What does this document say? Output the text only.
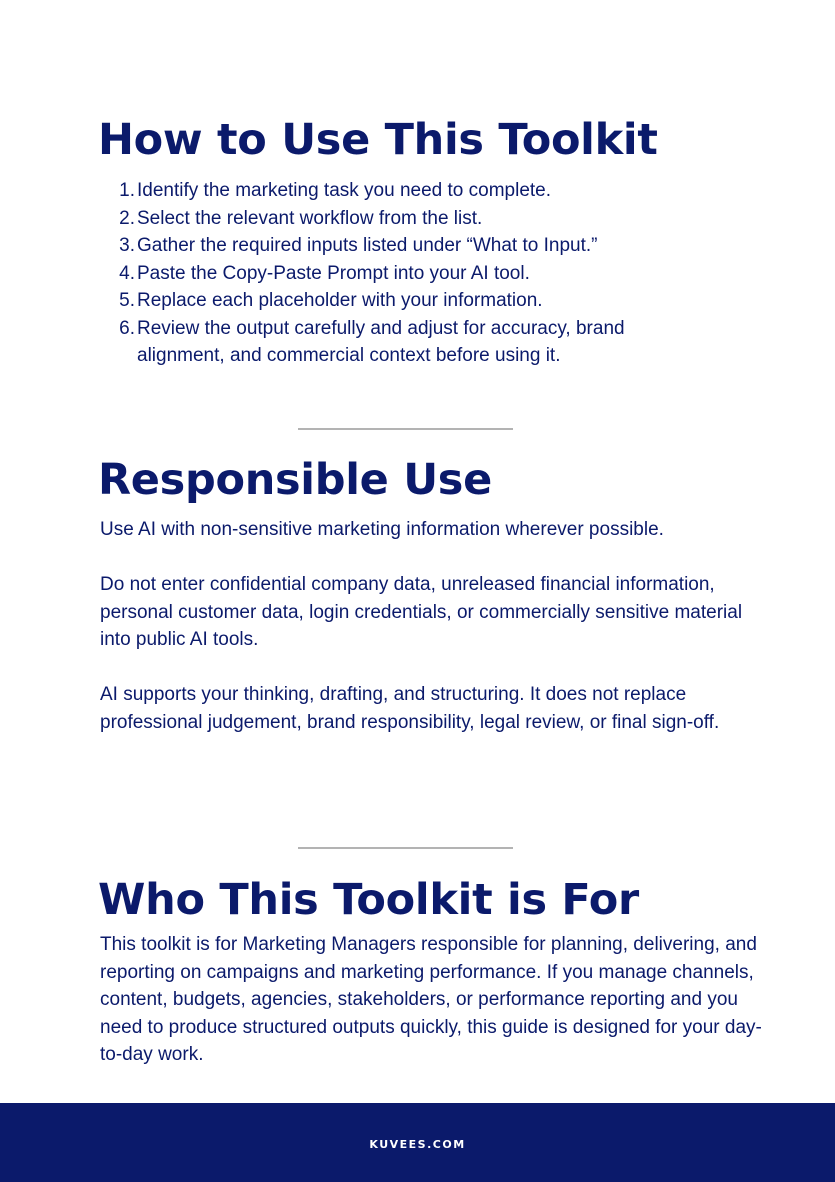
How to Use This Toolkit
1. Identify the marketing task you need to complete.
2. Select the relevant workflow from the list.
3. Gather the required inputs listed under “What to Input.”
4. Paste the Copy-Paste Prompt into your AI tool.
5. Replace each placeholder with your information.
6. Review the output carefully and adjust for accuracy, brand alignment, and commercial context before using it.
Responsible Use

Use AI with non-sensitive marketing information wherever possible.

Do not enter confidential company data, unreleased financial information, personal customer data, login credentials, or commercially sensitive material into public AI tools.

AI supports your thinking, drafting, and structuring. It does not replace professional judgement, brand responsibility, legal review, or final sign-off.

Who This Toolkit is For

This toolkit is for Marketing Managers responsible for planning, delivering, and reporting on campaigns and marketing performance. If you manage channels, content, budgets, agencies, stakeholders, or performance reporting and you need to produce structured outputs quickly, this guide is designed for your day-to-day work.

KUVEES.COM
